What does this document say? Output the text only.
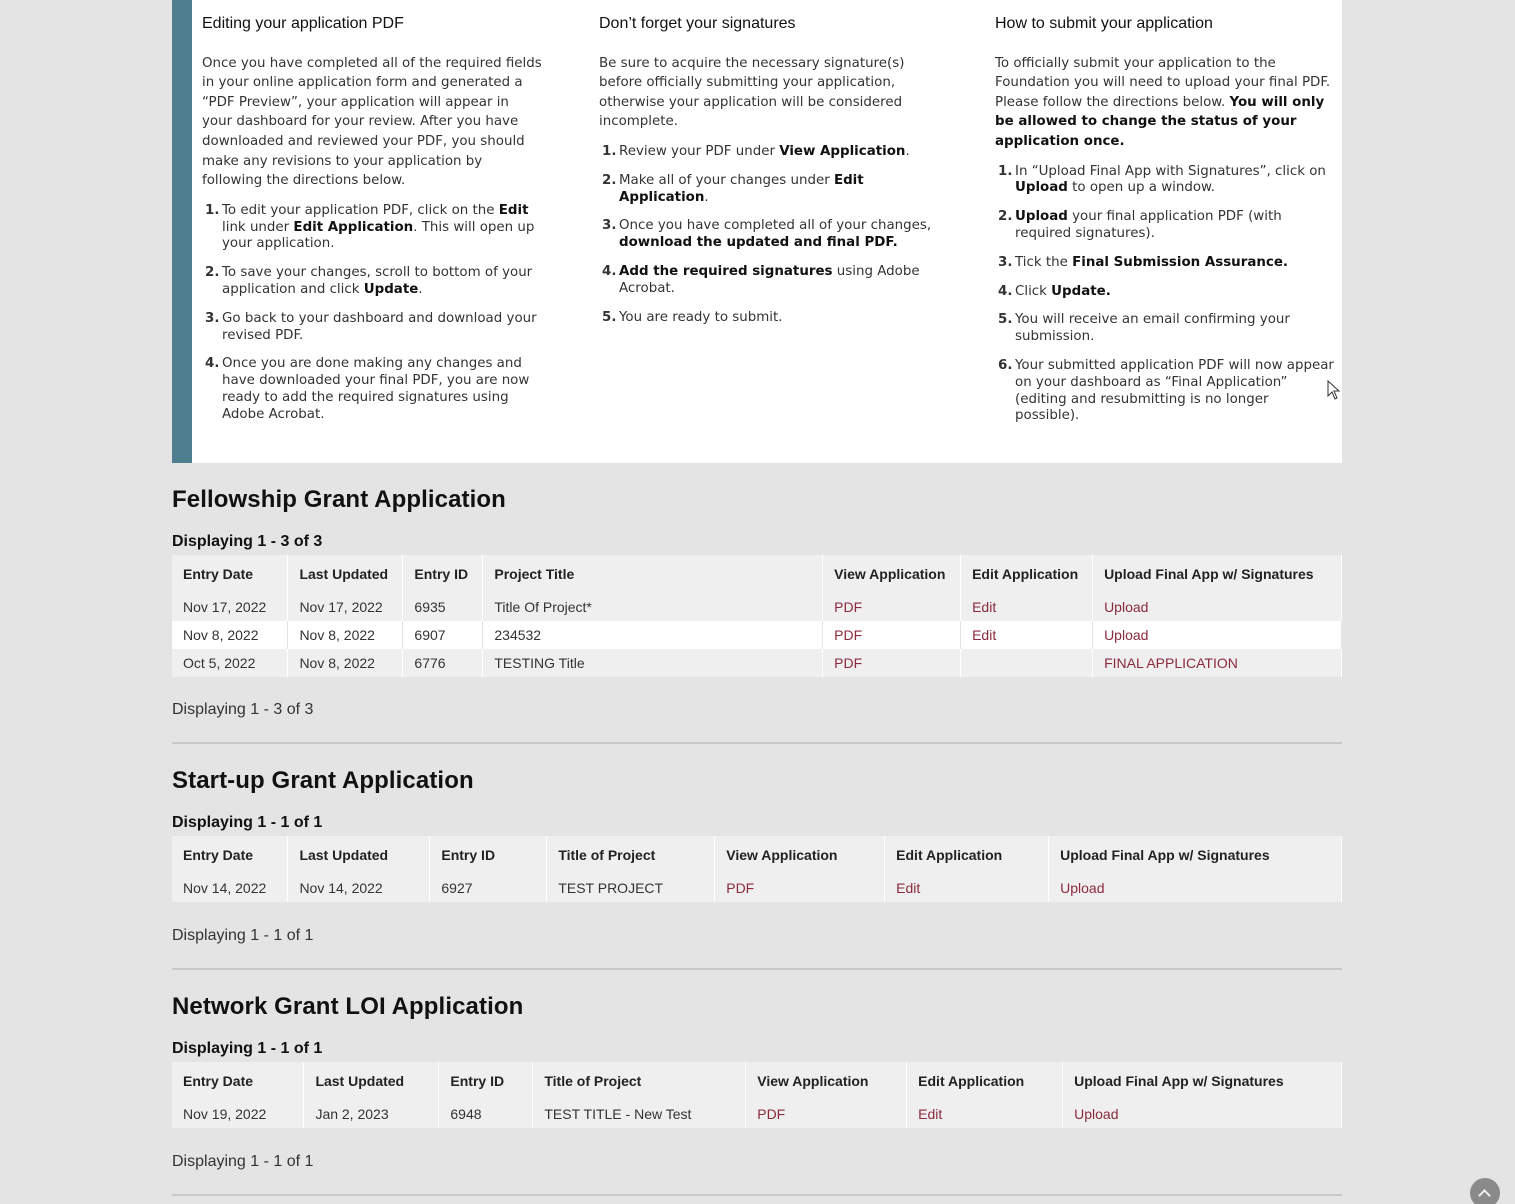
Editing your application PDF

Once you have completed all of the required fields in your online application form and generated a “PDF Preview”, your application will appear in your dashboard for your review. After you have downloaded and reviewed your PDF, you should make any revisions to your application by following the directions below.

1. To edit your application PDF, click on the Edit link under Edit Application. This will open up your application.
2. To save your changes, scroll to bottom of your application and click Update.
3. Go back to your dashboard and download your revised PDF.
4. Once you are done making any changes and have downloaded your final PDF, you are now ready to add the required signatures using Adobe Acrobat.
Don’t forget your signatures

Be sure to acquire the necessary signature(s) before officially submitting your application, otherwise your application will be considered incomplete.

1. Review your PDF under View Application.
2. Make all of your changes under Edit Application.
3. Once you have completed all of your changes, download the updated and final PDF.
4. Add the required signatures using Adobe Acrobat.
5. You are ready to submit.
How to submit your application

To officially submit your application to the Foundation you will need to upload your final PDF. Please follow the directions below. You will only be allowed to change the status of your application once.

1. In “Upload Final App with Signatures”, click on Upload to open up a window.
2. Upload your final application PDF (with required signatures).
3. Tick the Final Submission Assurance.
4. Click Update.
5. You will receive an email confirming your submission.
6. Your submitted application PDF will now appear on your dashboard as “Final Application” (editing and resubmitting is no longer possible).
Fellowship Grant Application
Displaying 1 - 3 of 3
Entry Date	Last Updated	Entry ID	Project Title	View Application	Edit Application	Upload Final App w/ Signatures
Nov 17, 2022	Nov 17, 2022	6935	Title Of Project*	PDF	Edit	Upload
Nov 8, 2022	Nov 8, 2022	6907	234532	PDF	Edit	Upload
Oct 5, 2022	Nov 8, 2022	6776	TESTING Title	PDF		FINAL APPLICATION
Displaying 1 - 3 of 3
Start-up Grant Application
Displaying 1 - 1 of 1
Entry Date	Last Updated	Entry ID	Title of Project	View Application	Edit Application	Upload Final App w/ Signatures
Nov 14, 2022	Nov 14, 2022	6927	TEST PROJECT	PDF	Edit	Upload
Displaying 1 - 1 of 1
Network Grant LOI Application
Displaying 1 - 1 of 1
Entry Date	Last Updated	Entry ID	Title of Project	View Application	Edit Application	Upload Final App w/ Signatures
Nov 19, 2022	Jan 2, 2023	6948	TEST TITLE - New Test	PDF	Edit	Upload
Displaying 1 - 1 of 1
